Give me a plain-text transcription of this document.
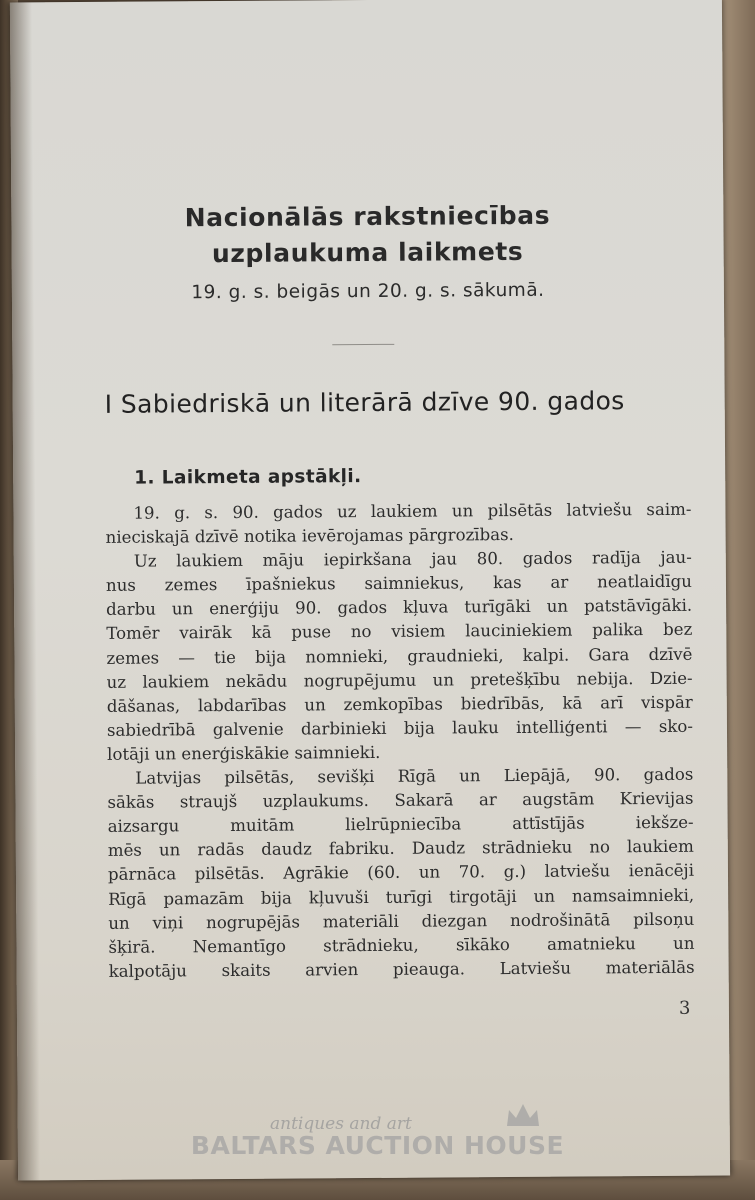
Nacionālās rakstniecības
uzplaukuma laikmets
19. g. s. beigās un 20. g. s. sākumā.
I Sabiedriskā un literārā dzīve 90. gados
1. Laikmeta apstākļi.
19. g. s. 90. gados uz laukiem un pilsētās latviešu saim-
nieciskajā dzīvē notika ievērojamas pārgrozības.
Uz laukiem māju iepirkšana jau 80. gados radīja jau-
nus zemes īpašniekus saimniekus, kas ar neatlaidīgu
darbu un enerģiju 90. gados kļuva turīgāki un patstāvīgāki.
Tomēr vairāk kā puse no visiem lauciniekiem palika bez
zemes — tie bija nomnieki, graudnieki, kalpi. Gara dzīvē
uz laukiem nekādu nogrupējumu un pretešķību nebija. Dzie-
dāšanas, labdarības un zemkopības biedrībās, kā arī vispār
sabiedrībā galvenie darbinieki bija lauku intelliģenti — sko-
lotāji un enerģiskākie saimnieki.
Latvijas pilsētās, sevišķi Rīgā un Liepājā, 90. gados
sākās straujš uzplaukums. Sakarā ar augstām Krievijas
aizsargu muitām lielrūpniecība attīstījās iekšze-
mēs un radās daudz fabriku. Daudz strādnieku no laukiem
pārnāca pilsētās. Agrākie (60. un 70. g.) latviešu ienācēji
Rīgā pamazām bija kļuvuši turīgi tirgotāji un namsaimnieki,
un viņi nogrupējās materiāli diezgan nodrošinātā pilsoņu
šķirā. Nemantīgo strādnieku, sīkāko amatnieku un
kalpotāju skaits arvien pieauga. Latviešu materiālās
3
antiques and art
BALTARS AUCTION HOUSE
